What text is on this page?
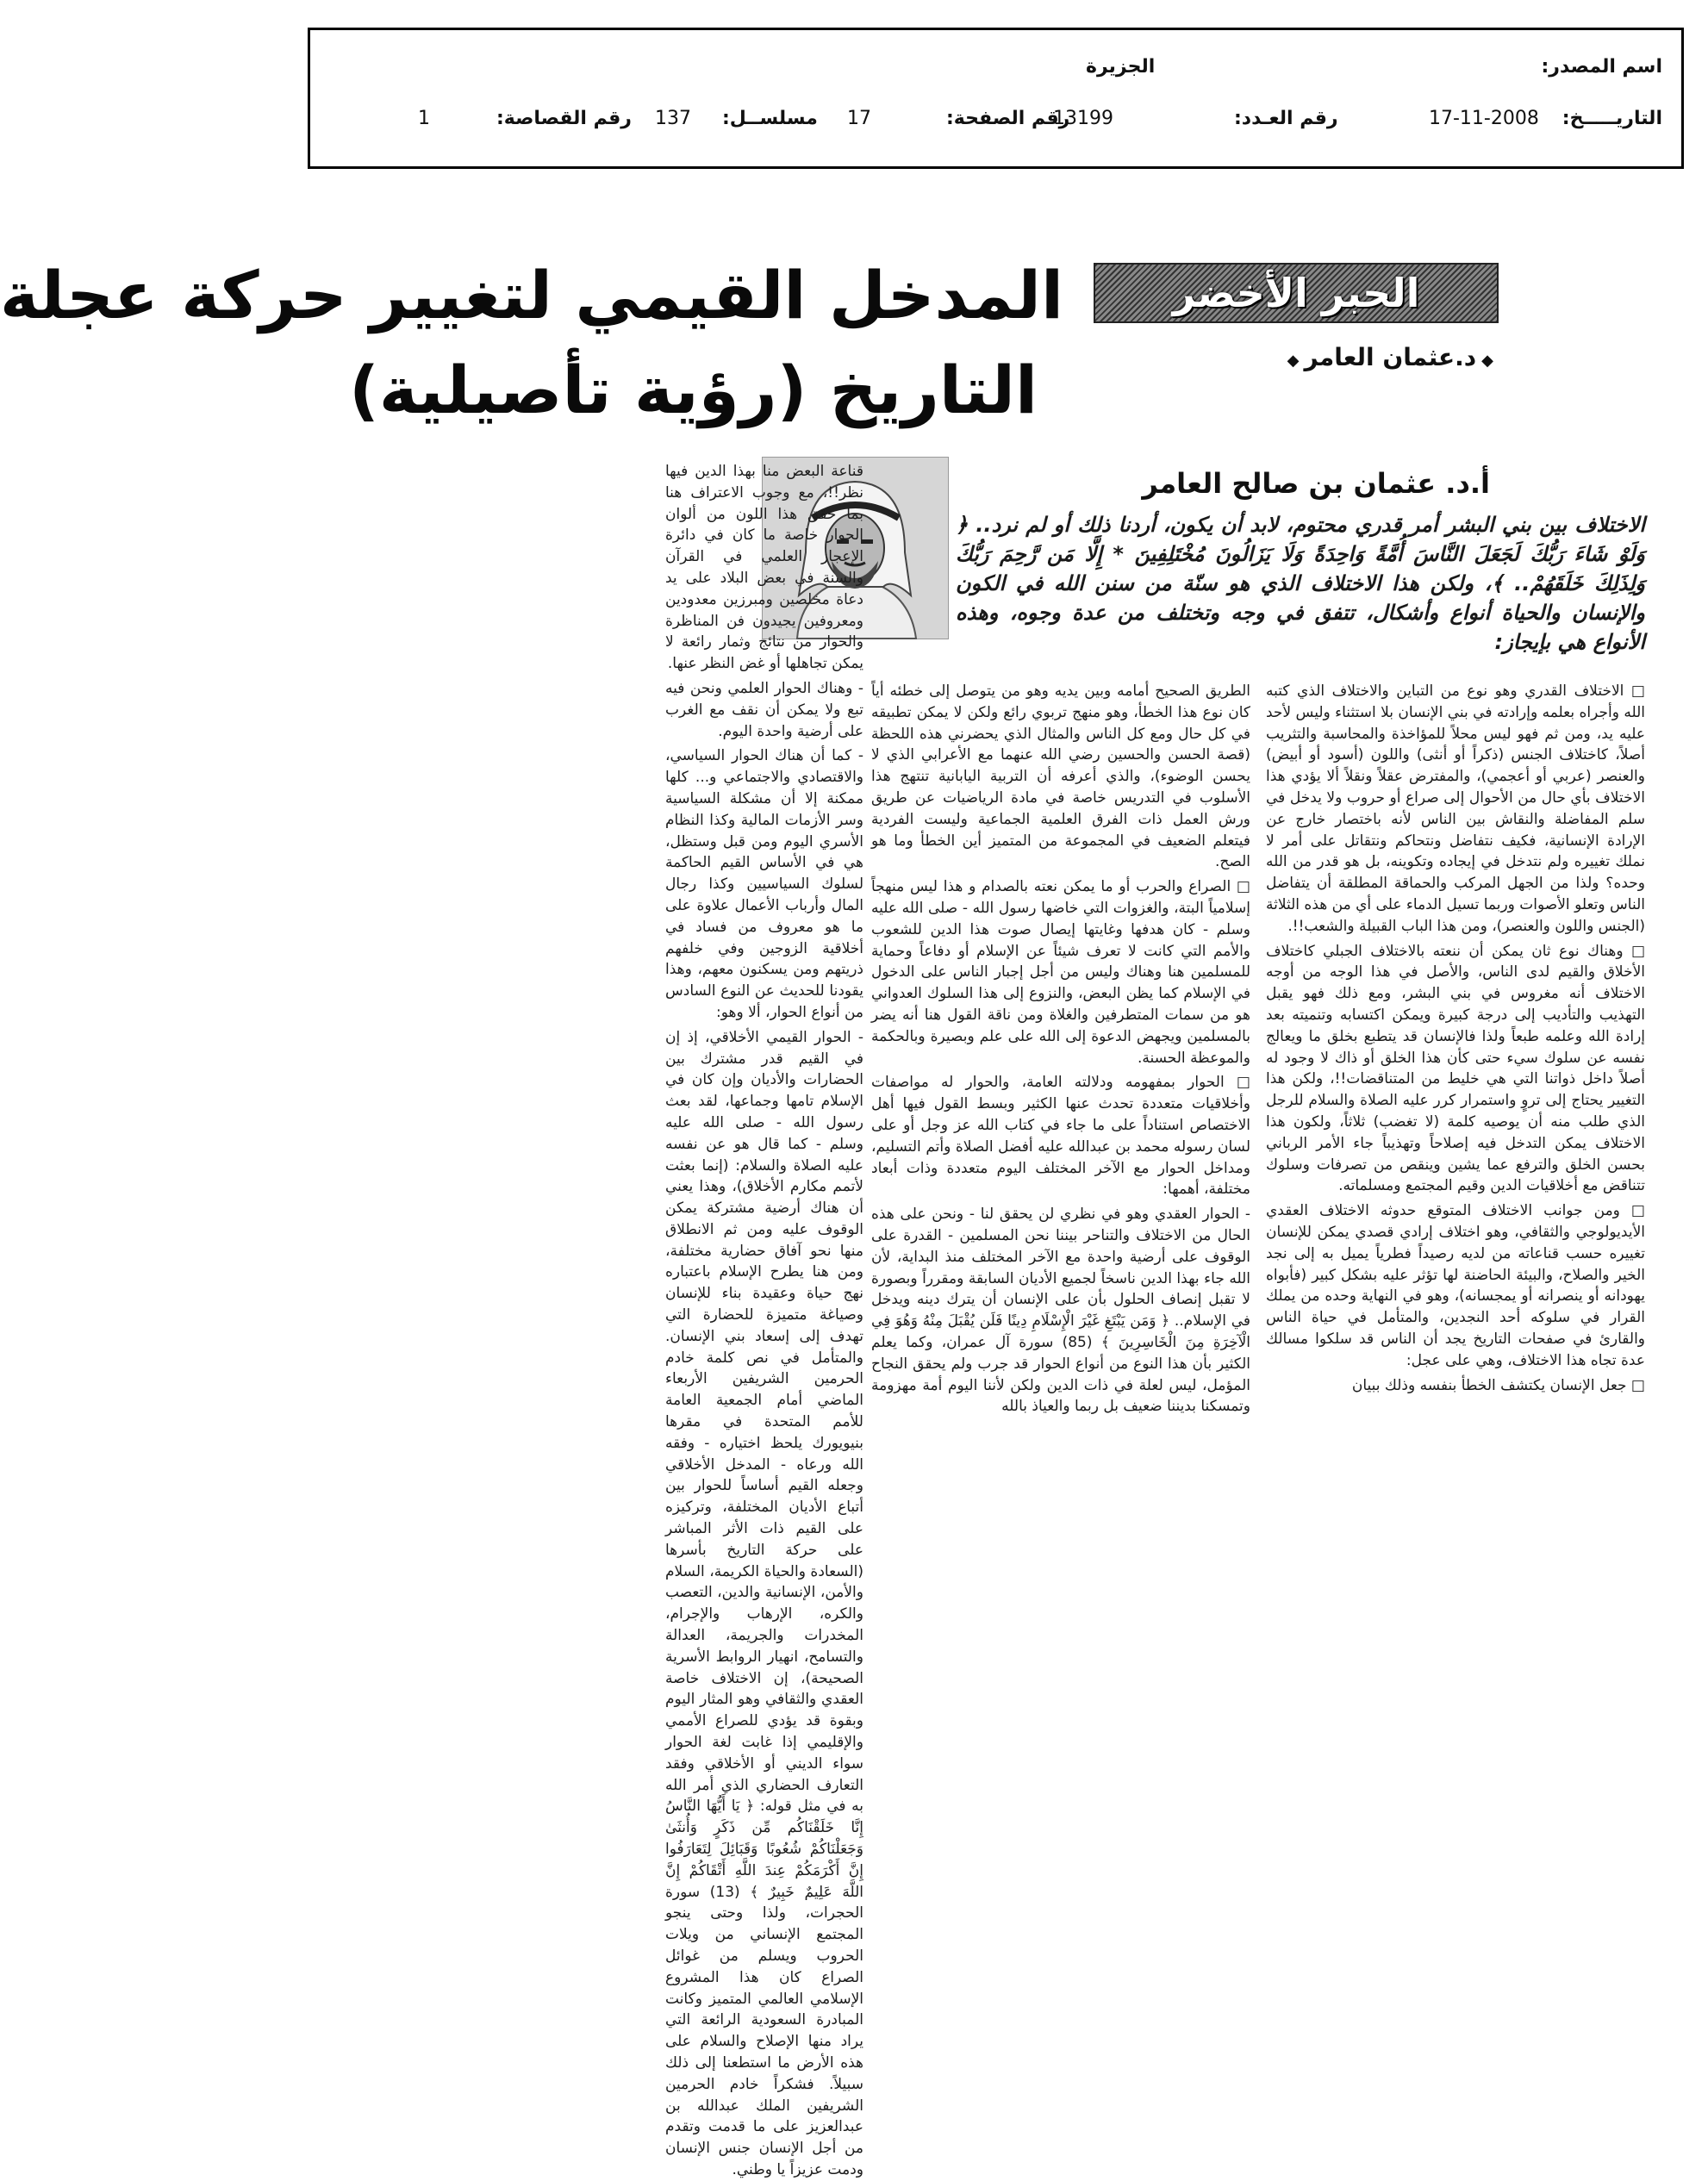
اسم المصدر:
الجزيرة
التاريـــــخ:
17-11-2008
رقم العـدد:
13199
رقم الصفحة:
17
مسلســل:
137
رقم القصاصة:
1
الحبر الأخضر
◆د.عثمان العامر◆
المدخل القيمي لتغيير حركة عجلة
التاريخ (رؤية تأصيلية)
أ.د. عثمان بن صالح العامر
الاختلاف بين بني البشر أمر قدري محتوم، لابد أن يكون، أردنا ذلك أو لم نرد.. ﴿ وَلَوْ شَاءَ رَبُّكَ لَجَعَلَ النَّاسَ أُمَّةً وَاحِدَةً وَلَا يَزَالُونَ مُخْتَلِفِينَ * إِلَّا مَن رَّحِمَ رَبُّكَ وَلِذَلِكَ خَلَقَهُمْ.. ﴾، ولكن هذا الاختلاف الذي هو سنّة من سنن الله في الكون والإنسان والحياة أنواع وأشكال، تتفق في وجه وتختلف من عدة وجوه، وهذه الأنواع هي بإيجاز:

□ الاختلاف القدري وهو نوع من التباين والاختلاف الذي كتبه الله وأجراه بعلمه وإرادته في بني الإنسان بلا استثناء وليس لأحد عليه يد، ومن ثم فهو ليس محلاً للمؤاخذة والمحاسبة والتثريب أصلاً، كاختلاف الجنس (ذكراً أو أنثى) واللون (أسود أو أبيض) والعنصر (عربي أو أعجمي)، والمفترض عقلاً ونقلاً ألا يؤدي هذا الاختلاف بأي حال من الأحوال إلى صراع أو حروب ولا يدخل في سلم المفاضلة والنقاش بين الناس لأنه باختصار خارج عن الإرادة الإنسانية، فكيف نتفاضل ونتحاكم ونتقاتل على أمر لا نملك تغييره ولم نتدخل في إيجاده وتكوينه، بل هو قدر من الله وحده؟ ولذا من الجهل المركب والحماقة المطلقة أن يتفاضل الناس وتعلو الأصوات وربما تسيل الدماء على أي من هذه الثلاثة (الجنس واللون والعنصر)، ومن هذا الباب القبيلة والشعب!!.

□ وهناك نوع ثان يمكن أن ننعته بالاختلاف الجبلي كاختلاف الأخلاق والقيم لدى الناس، والأصل في هذا الوجه من أوجه الاختلاف أنه مغروس في بني البشر، ومع ذلك فهو يقبل التهذيب والتأديب إلى درجة كبيرة ويمكن اكتسابه وتنميته بعد إرادة الله وعلمه طبعاً ولذا فالإنسان قد يتطبع بخلق ما ويعالج نفسه عن سلوك سيء حتى كأن هذا الخلق أو ذاك لا وجود له أصلاً داخل ذواتنا التي هي خليط من المتناقضات!!، ولكن هذا التغيير يحتاج إلى تروٍ واستمرار كرر عليه الصلاة والسلام للرجل الذي طلب منه أن يوصيه كلمة (لا تغضب) ثلاثاً، ولكون هذا الاختلاف يمكن التدخل فيه إصلاحاً وتهذيباً جاء الأمر الرباني بحسن الخلق والترفع عما يشين وينقص من تصرفات وسلوك تتناقض مع أخلاقيات الدين وقيم المجتمع ومسلماته.

□ ومن جوانب الاختلاف المتوقع حدوثه الاختلاف العقدي الأيديولوجي والثقافي، وهو اختلاف إرادي قصدي يمكن للإنسان تغييره حسب قناعاته من لديه رصيداً فطرياً يميل به إلى نجد الخير والصلاح، والبيئة الحاضنة لها تؤثر عليه بشكل كبير (فأبواه يهودانه أو ينصرانه أو يمجسانه)، وهو في النهاية وحده من يملك القرار في سلوكه أحد النجدين، والمتأمل في حياة الناس والقارئ في صفحات التاريخ يجد أن الناس قد سلكوا مسالك عدة تجاه هذا الاختلاف، وهي على عجل:

□ جعل الإنسان يكتشف الخطأ بنفسه وذلك ببيان

الطريق الصحيح أمامه وبين يديه وهو من يتوصل إلى خطئه أياً كان نوع هذا الخطأ، وهو منهج تربوي رائع ولكن لا يمكن تطبيقه في كل حال ومع كل الناس والمثال الذي يحضرني هذه اللحظة (قصة الحسن والحسين رضي الله عنهما مع الأعرابي الذي لا يحسن الوضوء)، والذي أعرفه أن التربية اليابانية تنتهج هذا الأسلوب في التدريس خاصة في مادة الرياضيات عن طريق ورش العمل ذات الفرق العلمية الجماعية وليست الفردية فيتعلم الضعيف في المجموعة من المتميز أين الخطأ وما هو الصح.

□ الصراع والحرب أو ما يمكن نعته بالصدام و هذا ليس منهجاً إسلامياً البتة، والغزوات التي خاضها رسول الله - صلى الله عليه وسلم - كان هدفها وغايتها إيصال صوت هذا الدين للشعوب والأمم التي كانت لا تعرف شيئاً عن الإسلام أو دفاعاً وحماية للمسلمين هنا وهناك وليس من أجل إجبار الناس على الدخول في الإسلام كما يظن البعض، والنزوع إلى هذا السلوك العدواني هو من سمات المتطرفين والغلاة ومن ناقة القول هنا أنه يضر بالمسلمين ويجهض الدعوة إلى الله على علم وبصيرة وبالحكمة والموعظة الحسنة.

□ الحوار بمفهومه ودلالته العامة، والحوار له مواصفات وأخلاقيات متعددة تحدث عنها الكثير وبسط القول فيها أهل الاختصاص استناداً على ما جاء في كتاب الله عز وجل أو على لسان رسوله محمد بن عبدالله عليه أفضل الصلاة وأتم التسليم، ومداخل الحوار مع الآخر المختلف اليوم متعددة وذات أبعاد مختلفة، أهمها:

- الحوار العقدي وهو في نظري لن يحقق لنا - ونحن على هذه الحال من الاختلاف والتناحر بيننا نحن المسلمين - القدرة على الوقوف على أرضية واحدة مع الآخر المختلف منذ البداية، لأن الله جاء بهذا الدين ناسخاً لجميع الأديان السابقة ومقرراً وبصورة لا تقبل إنصاف الحلول بأن على الإنسان أن يترك دينه ويدخل في الإسلام.. ﴿ وَمَن يَبْتَغِ غَيْرَ الْإِسْلَامِ دِينًا فَلَن يُقْبَلَ مِنْهُ وَهُوَ فِي الْآخِرَةِ مِنَ الْخَاسِرِينَ ﴾ (85) سورة آل عمران، وكما يعلم الكثير بأن هذا النوع من أنواع الحوار قد جرب ولم يحقق النجاح المؤمل، ليس لعلة في ذات الدين ولكن لأننا اليوم أمة مهزومة وتمسكنا بديننا ضعيف بل ربما والعياذ بالله

قناعة البعض منا بهذا الدين فيها نظر!!، مع وجوب الاعتراف هنا بما حقق هذا اللون من ألوان الحوار خاصة ما كان في دائرة الإعجاز العلمي في القرآن والسنة في بعض البلاد على يد دعاة مخلصين ومبرزين معدودين ومعروفين يجيدون فن المناظرة والحوار من نتائج وثمار رائعة لا يمكن تجاهلها أو غض النظر عنها.

- وهناك الحوار العلمي ونحن فيه تبع ولا يمكن أن نقف مع الغرب على أرضية واحدة اليوم.

- كما أن هناك الحوار السياسي، والاقتصادي والاجتماعي و... كلها ممكنة إلا أن مشكلة السياسية وسر الأزمات المالية وكذا النظام الأسري اليوم ومن قبل وستظل، هي في الأساس القيم الحاكمة لسلوك السياسيين وكذا رجال المال وأرباب الأعمال علاوة على ما هو معروف من فساد في أخلاقية الزوجين وفي خلفهم ذريتهم ومن يسكنون معهم، وهذا يقودنا للحديث عن النوع السادس من أنواع الحوار، ألا وهو:

- الحوار القيمي الأخلاقي، إذ إن في القيم قدر مشترك بين الحضارات والأديان وإن كان في الإسلام تامها وجماعها، لقد بعث رسول الله - صلى الله عليه وسلم - كما قال هو عن نفسه عليه الصلاة والسلام: (إنما بعثت لأتمم مكارم الأخلاق)، وهذا يعني أن هناك أرضية مشتركة يمكن الوقوف عليه ومن ثم الانطلاق منها نحو آفاق حضارية مختلفة، ومن هنا يطرح الإسلام باعتباره نهج حياة وعقيدة بناء للإنسان وصياغة متميزة للحضارة التي تهدف إلى إسعاد بني الإنسان. والمتأمل في نص كلمة خادم الحرمين الشريفين الأربعاء الماضي أمام الجمعية العامة للأمم المتحدة في مقرها بنيويورك يلحظ اختياره - وفقه الله ورعاه - المدخل الأخلاقي وجعله القيم أساساً للحوار بين أتباع الأديان المختلفة، وتركيزه على القيم ذات الأثر المباشر على حركة التاريخ بأسرها (السعادة والحياة الكريمة، السلام والأمن، الإنسانية والدين، التعصب والكره، الإرهاب والإجرام، المخدرات والجريمة، العدالة والتسامح، انهيار الروابط الأسرية الصحيحة)، إن الاختلاف خاصة العقدي والثقافي وهو المثار اليوم وبقوة قد يؤدي للصراع الأممي والإقليمي إذا غابت لغة الحوار سواء الديني أو الأخلاقي وفقد التعارف الحضاري الذي أمر الله به في مثل قوله: ﴿ يَا أَيُّهَا النَّاسُ إِنَّا خَلَقْنَاكُم مِّن ذَكَرٍ وَأُنثَىٰ وَجَعَلْنَاكُمْ شُعُوبًا وَقَبَائِلَ لِتَعَارَفُوا إِنَّ أَكْرَمَكُمْ عِندَ اللَّهِ أَتْقَاكُمْ إِنَّ اللَّهَ عَلِيمٌ خَبِيرٌ ﴾ (13) سورة الحجرات، ولذا وحتى ينجو المجتمع الإنساني من ويلات الحروب ويسلم من غوائل الصراع كان هذا المشروع الإسلامي العالمي المتميز وكانت المبادرة السعودية الرائعة التي يراد منها الإصلاح والسلام على هذه الأرض ما استطعنا إلى ذلك سبيلاً. فشكراً خادم الحرمين الشريفين الملك عبدالله بن عبدالعزيز على ما قدمت وتقدم من أجل الإنسان جنس الإنسان ودمت عزيزاً يا وطني.
